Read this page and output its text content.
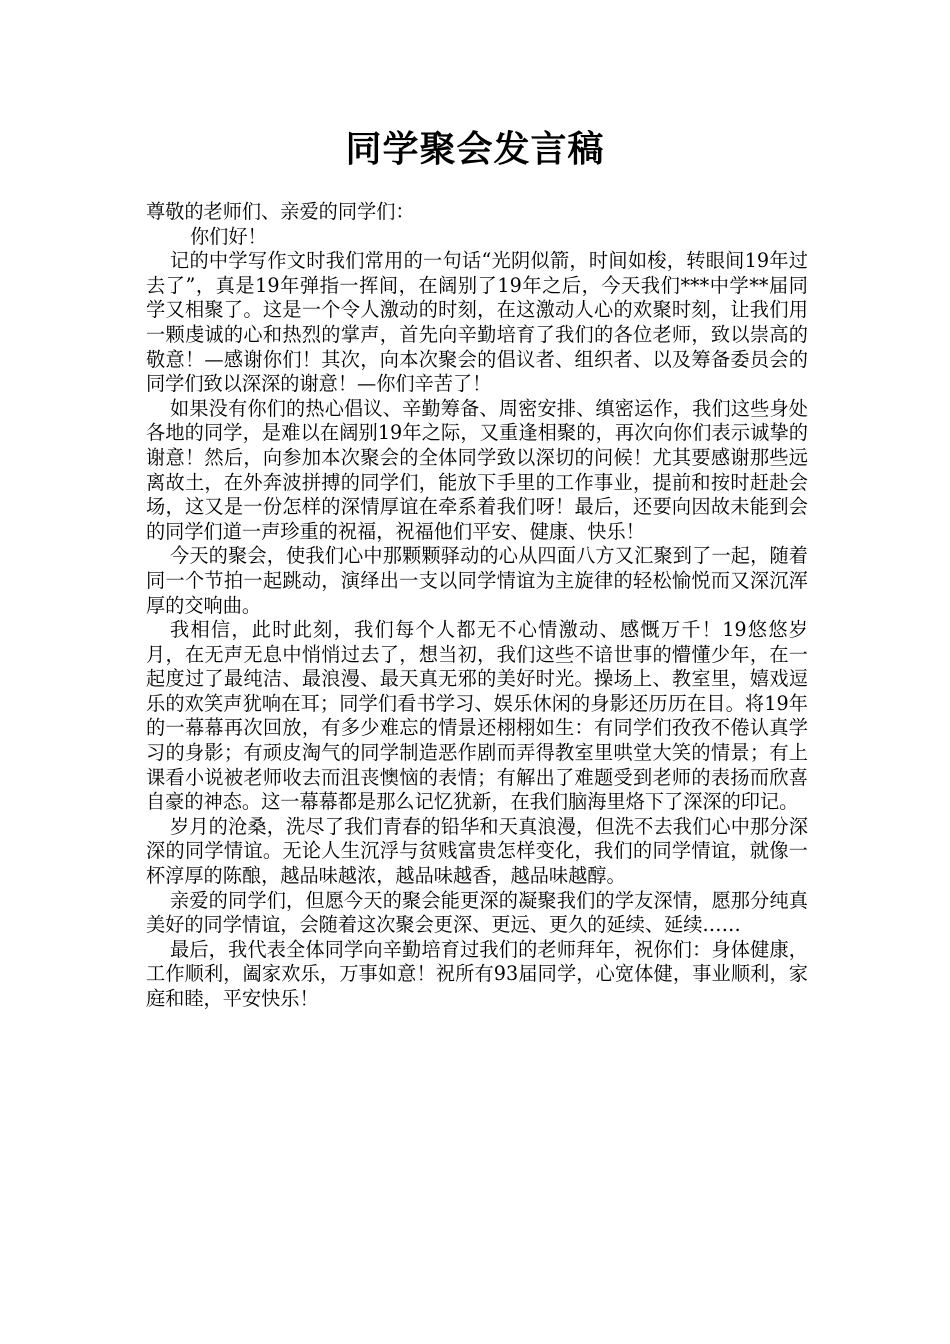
同学聚会发言稿

尊敬的老师们、亲爱的同学们：

你们好！

记的中学写作文时我们常用的一句话“光阴似箭，时间如梭，转眼间19年过去了”，真是19年弹指一挥间，在阔别了19年之后，今天我们***中学**届同学又相聚了。这是一个令人激动的时刻，在这激动人心的欢聚时刻，让我们用一颗虔诚的心和热烈的掌声，首先向辛勤培育了我们的各位老师，致以崇高的敬意！—感谢你们！其次，向本次聚会的倡议者、组织者、以及筹备委员会的同学们致以深深的谢意！—你们辛苦了！

如果没有你们的热心倡议、辛勤筹备、周密安排、缜密运作，我们这些身处各地的同学，是难以在阔别19年之际，又重逢相聚的，再次向你们表示诚挚的谢意！然后，向参加本次聚会的全体同学致以深切的问候！尤其要感谢那些远离故土，在外奔波拼搏的同学们，能放下手里的工作事业，提前和按时赶赴会场，这又是一份怎样的深情厚谊在牵系着我们呀！最后，还要向因故未能到会的同学们道一声珍重的祝福，祝福他们平安、健康、快乐！

今天的聚会，使我们心中那颗颗驿动的心从四面八方又汇聚到了一起，随着同一个节拍一起跳动，演绎出一支以同学情谊为主旋律的轻松愉悦而又深沉浑厚的交响曲。

我相信，此时此刻，我们每个人都无不心情激动、感慨万千！19悠悠岁月，在无声无息中悄悄过去了，想当初，我们这些不谙世事的懵懂少年，在一起度过了最纯洁、最浪漫、最天真无邪的美好时光。操场上、教室里，嬉戏逗乐的欢笑声犹响在耳；同学们看书学习、娱乐休闲的身影还历历在目。将19年的一幕幕再次回放，有多少难忘的情景还栩栩如生：有同学们孜孜不倦认真学习的身影；有顽皮淘气的同学制造恶作剧而弄得教室里哄堂大笑的情景；有上课看小说被老师收去而沮丧懊恼的表情；有解出了难题受到老师的表扬而欣喜自豪的神态。这一幕幕都是那么记忆犹新，在我们脑海里烙下了深深的印记。

岁月的沧桑，洗尽了我们青春的铅华和天真浪漫，但洗不去我们心中那分深深的同学情谊。无论人生沉浮与贫贱富贵怎样变化，我们的同学情谊，就像一杯淳厚的陈酿，越品味越浓，越品味越香，越品味越醇。

亲爱的同学们，但愿今天的聚会能更深的凝聚我们的学友深情，愿那分纯真美好的同学情谊，会随着这次聚会更深、更远、更久的延续、延续……

最后，我代表全体同学向辛勤培育过我们的老师拜年，祝你们：身体健康，工作顺利，阖家欢乐，万事如意！祝所有93届同学，心宽体健，事业顺利，家庭和睦，平安快乐！
